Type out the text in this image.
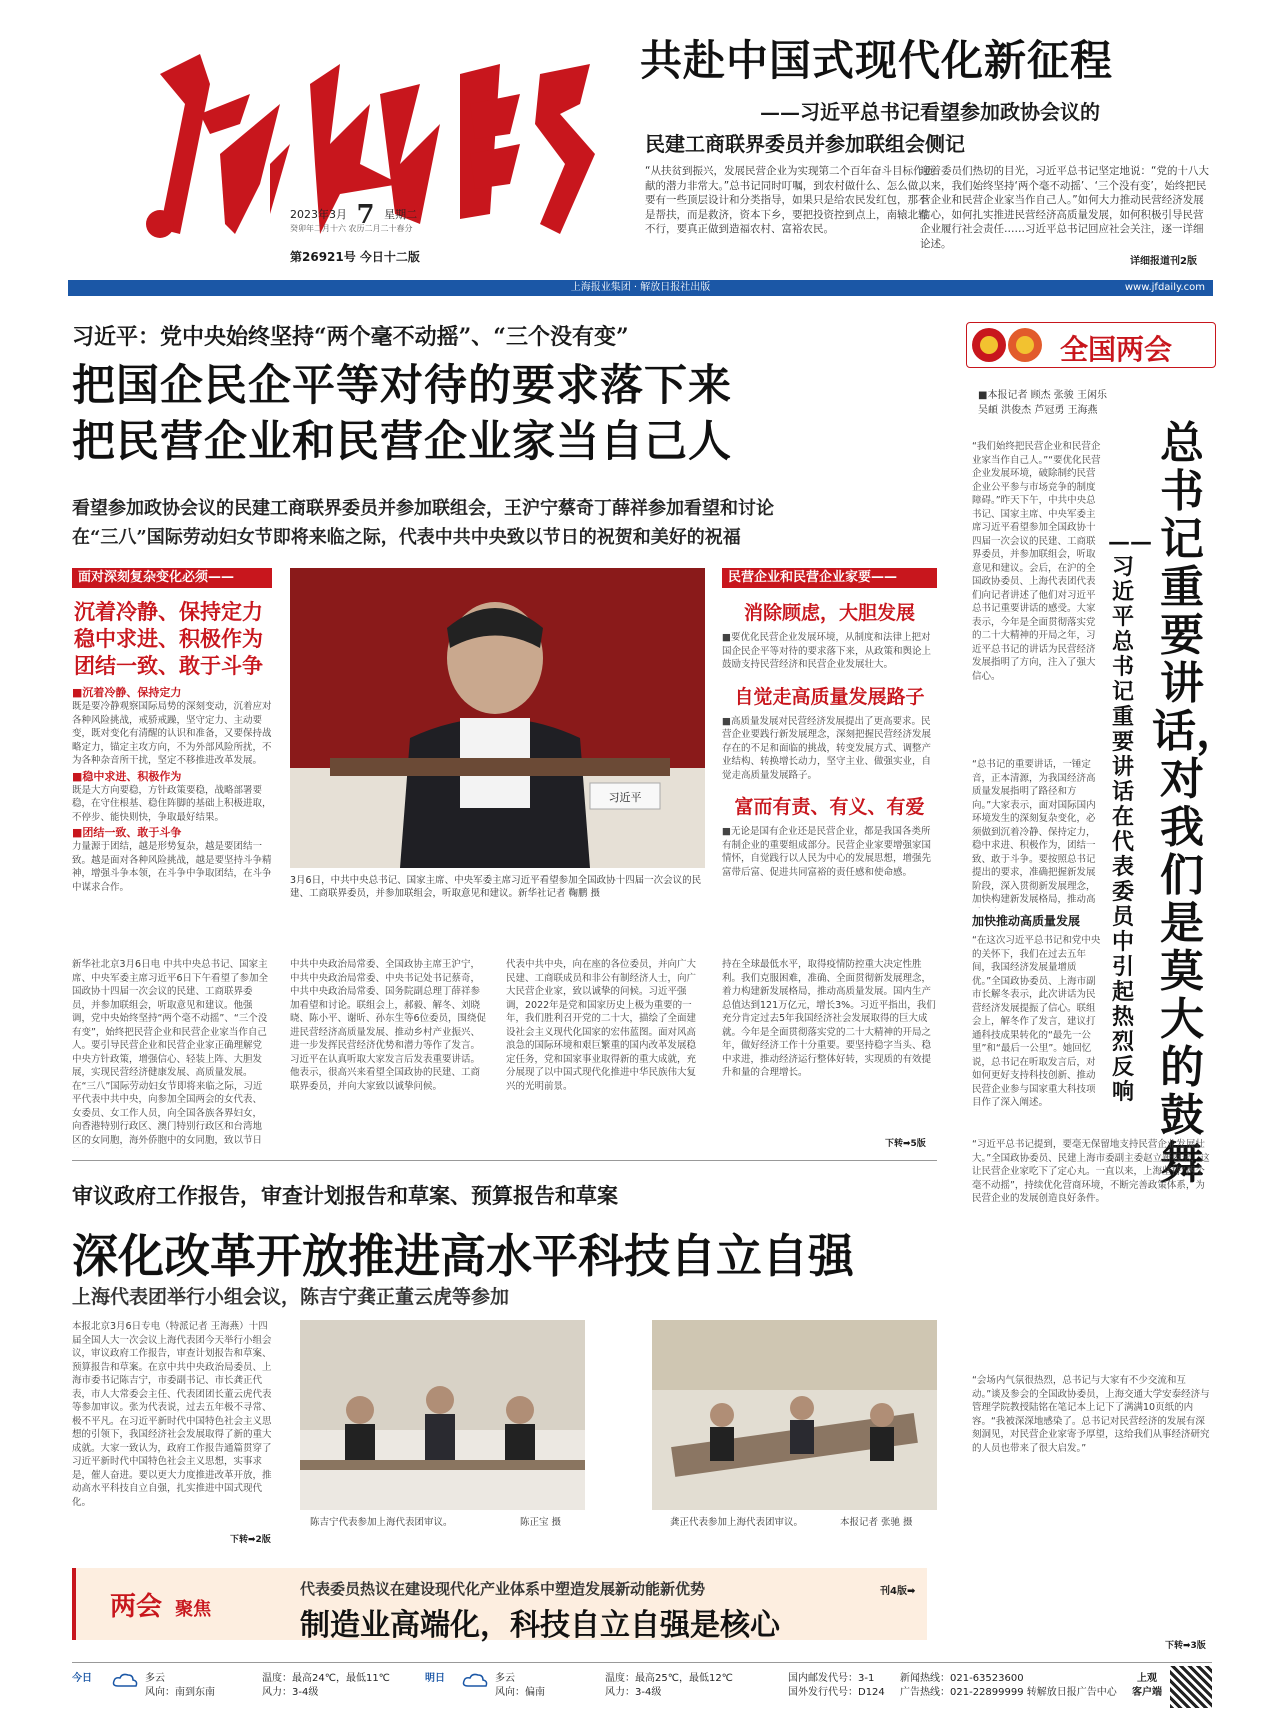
2023年3月 7 星期二
癸卯年二月十六 农历二月二十春分
第26921号 今日十二版
共赴中国式现代化新征程
——习近平总书记看望参加政协会议的
民建工商联界委员并参加联组会侧记
“从扶贫到振兴，发展民营企业为实现第二个百年奋斗目标作贡献的潜力非常大。”总书记同时叮嘱，到农村做什么、怎么做，要有一些顶层设计和分类指导，如果只是给农民发红包，那不是帮扶，而是救济，资本下乡，要把投资控到点上，南辕北辙不行，要真正做到造福农村、富裕农民。
迎着委员们热切的目光，习近平总书记坚定地说：“党的十八大以来，我们始终坚持‘两个毫不动摇’、‘三个没有变’，始终把民营企业和民营企业家当作自己人。”如何大力推动民营经济发展信心，如何扎实推进民营经济高质量发展，如何积极引导民营企业履行社会责任……习近平总书记回应社会关注，逐一详细论述。
详细报道刊2版
上海报业集团 · 解放日报社出版	www.jfdaily.com
习近平：党中央始终坚持“两个毫不动摇”、“三个没有变”
把国企民企平等对待的要求落下来
把民营企业和民营企业家当自己人
看望参加政协会议的民建工商联界委员并参加联组会，王沪宁蔡奇丁薛祥参加看望和讨论
在“三八”国际劳动妇女节即将来临之际，代表中共中央致以节日的祝贺和美好的祝福
面对深刻复杂变化必须——
沉着冷静、保持定力 稳中求进、积极作为 团结一致、敢于斗争
■沉着冷静、保持定力
既是要冷静观察国际局势的深刻变动，沉着应对各种风险挑战，戒骄戒躁，坚守定力、主动要变，既对变化有清醒的认识和准备，又要保持战略定力，锚定主攻方向，不为外部风险所扰，不为各种杂音所干扰，坚定不移推进改革发展。
■稳中求进、积极作为
既是大方向要稳，方针政策要稳，战略部署要稳，在守住根基、稳住阵脚的基础上积极进取，不停步、能快则快，争取最好结果。
■团结一致、敢于斗争
力量源于团结，越是形势复杂，越是要团结一致。越是面对各种风险挑战，越是要坚持斗争精神，增强斗争本领，在斗争中争取团结，在斗争中谋求合作。
习近平
3月6日，中共中央总书记、国家主席、中央军委主席习近平看望参加全国政协十四届一次会议的民建、工商联界委员，并参加联组会，听取意见和建议。新华社记者 鞠鹏 摄
民营企业和民营企业家要——
消除顾虑，大胆发展
■要优化民营企业发展环境，从制度和法律上把对国企民企平等对待的要求落下来，从政策和舆论上鼓励支持民营经济和民营企业发展壮大。
自觉走高质量发展路子
■高质量发展对民营经济发展提出了更高要求。民营企业要践行新发展理念，深刻把握民营经济发展存在的不足和面临的挑战，转变发展方式、调整产业结构、转换增长动力，坚守主业、做强实业，自觉走高质量发展路子。
富而有责、有义、有爱
■无论是国有企业还是民营企业，都是我国各类所有制企业的重要组成部分。民营企业家要增强家国情怀，自觉践行以人民为中心的发展思想，增强先富带后富、促进共同富裕的责任感和使命感。
新华社北京3月6日电 中共中央总书记、国家主席、中央军委主席习近平6日下午看望了参加全国政协十四届一次会议的民建、工商联界委员，并参加联组会，听取意见和建议。他强调，党中央始终坚持“两个毫不动摇”、“三个没有变”，始终把民营企业和民营企业家当作自己人。要引导民营企业和民营企业家正确理解党中央方针政策，增强信心、轻装上阵、大胆发展，实现民营经济健康发展、高质量发展。在“三八”国际劳动妇女节即将来临之际，习近平代表中共中央，向参加全国两会的女代表、女委员、女工作人员，向全国各族各界妇女，向香港特别行政区、澳门特别行政区和台湾地区的女同胞，海外侨胞中的女同胞，致以节日
中共中央政治局常委、全国政协主席王沪宁，中共中央政治局常委、中央书记处书记蔡奇，中共中央政治局常委、国务院副总理丁薛祥参加看望和讨论。联组会上，郝毅、解冬、刘晓晓、陈小平、谢昕、孙东生等6位委员，围绕促进民营经济高质量发展、推动乡村产业振兴、进一步发挥民营经济优势和潜力等作了发言。习近平在认真听取大家发言后发表重要讲话。他表示，很高兴来看望全国政协的民建、工商联界委员，并向大家致以诚挚问候。
代表中共中央，向在座的各位委员，并向广大民建、工商联成员和非公有制经济人士，向广大民营企业家，致以诚挚的问候。习近平强调，2022年是党和国家历史上极为重要的一年，我们胜利召开党的二十大，描绘了全面建设社会主义现代化国家的宏伟蓝图。面对风高浪急的国际环境和艰巨繁重的国内改革发展稳定任务，党和国家事业取得新的重大成就，充分展现了以中国式现代化推进中华民族伟大复兴的光明前景。
持在全球最低水平，取得疫情防控重大决定性胜利。我们克服困难，准确、全面贯彻新发展理念，着力构建新发展格局，推动高质量发展。国内生产总值达到121万亿元，增长3%。习近平指出，我们充分肯定过去5年我国经济社会发展取得的巨大成就。今年是全面贯彻落实党的二十大精神的开局之年，做好经济工作十分重要。要坚持稳字当头、稳中求进，推动经济运行整体好转，实现质的有效提升和量的合理增长。
下转➡5版
全国两会
■本报记者 顾杰 张骏 王闲乐 吴頔 洪俊杰 芦冠勇 王海燕
总书记重要讲话，对我们是莫大的鼓舞
——习近平总书记重要讲话在代表委员中引起热烈反响
“我们始终把民营企业和民营企业家当作自己人。”“要优化民营企业发展环境，破除制约民营企业公平参与市场竞争的制度障碍。”昨天下午，中共中央总书记、国家主席、中央军委主席习近平看望参加全国政协十四届一次会议的民建、工商联界委员，并参加联组会，听取意见和建议。会后，在沪的全国政协委员、上海代表团代表们向记者讲述了他们对习近平总书记重要讲话的感受。大家表示，今年是全面贯彻落实党的二十大精神的开局之年，习近平总书记的讲话为民营经济发展指明了方向，注入了强大信心。
“总书记的重要讲话，一锤定音，正本清源，为我国经济高质量发展指明了路径和方向。”大家表示，面对国际国内环境发生的深刻复杂变化，必须做到沉着冷静、保持定力，稳中求进、积极作为，团结一致、敢于斗争。要按照总书记提出的要求，准确把握新发展阶段，深入贯彻新发展理念，加快构建新发展格局，推动高
加快推动高质量发展
“在这次习近平总书记和党中央的关怀下，我们在过去五年间，我国经济发展量增质优。”全国政协委员、上海市副市长解冬表示，此次讲话为民营经济发展提振了信心。联组会上，解冬作了发言，建议打通科技成果转化的“最先一公里”和“最后一公里”。她回忆说，总书记在听取发言后，对如何更好支持科技创新、推动民营企业参与国家重大科技项目作了深入阐述。
“习近平总书记提到，要毫无保留地支持民营企业发展壮大。”全国政协委员、民建上海市委副主委赵立新表示，这让民营企业家吃下了定心丸。一直以来，上海坚持“两个毫不动摇”，持续优化营商环境，不断完善政策体系，为民营企业的发展创造良好条件。
“会场内气氛很热烈，总书记与大家有不少交流和互动。”谈及参会的全国政协委员，上海交通大学安泰经济与管理学院教授陆铭在笔记本上记下了满满10页纸的内容。“我被深深地感染了。总书记对民营经济的发展有深刻洞见，对民营企业家寄予厚望，这给我们从事经济研究的人员也带来了很大启发。”
下转➡3版
审议政府工作报告，审查计划报告和草案、预算报告和草案
深化改革开放推进高水平科技自立自强
上海代表团举行小组会议，陈吉宁龚正董云虎等参加
本报北京3月6日专电（特派记者 王海燕）十四届全国人大一次会议上海代表团今天举行小组会议，审议政府工作报告，审查计划报告和草案、预算报告和草案。在京中共中央政治局委员、上海市委书记陈吉宁，市委副书记、市长龚正代表，市人大常委会主任、代表团团长董云虎代表等参加审议。张为代表说，过去五年极不寻常、极不平凡。在习近平新时代中国特色社会主义思想的引领下，我国经济社会发展取得了新的重大成就。大家一致认为，政府工作报告通篇贯穿了习近平新时代中国特色社会主义思想，实事求是，催人奋进。要以更大力度推进改革开放，推动高水平科技自立自强，扎实推进中国式现代化。
下转➡2版
陈吉宁代表参加上海代表团审议。	陈正宝 摄	龚正代表参加上海代表团审议。	本报记者 张驰 摄
两会 聚焦
代表委员热议在建设现代化产业体系中塑造发展新动能新优势
制造业高端化，科技自立自强是核心
刊4版➡
今日	多云
风向：南到东南
温度：最高24℃，最低11℃
风力：3-4级
明日	多云
风向：偏南
温度：最高25℃，最低12℃
风力：3-4级
国内邮发代号：3-1
国外发行代号：D124
新闻热线：021-63523600
广告热线：021-22899999 转解放日报广告中心
上观
客户端
